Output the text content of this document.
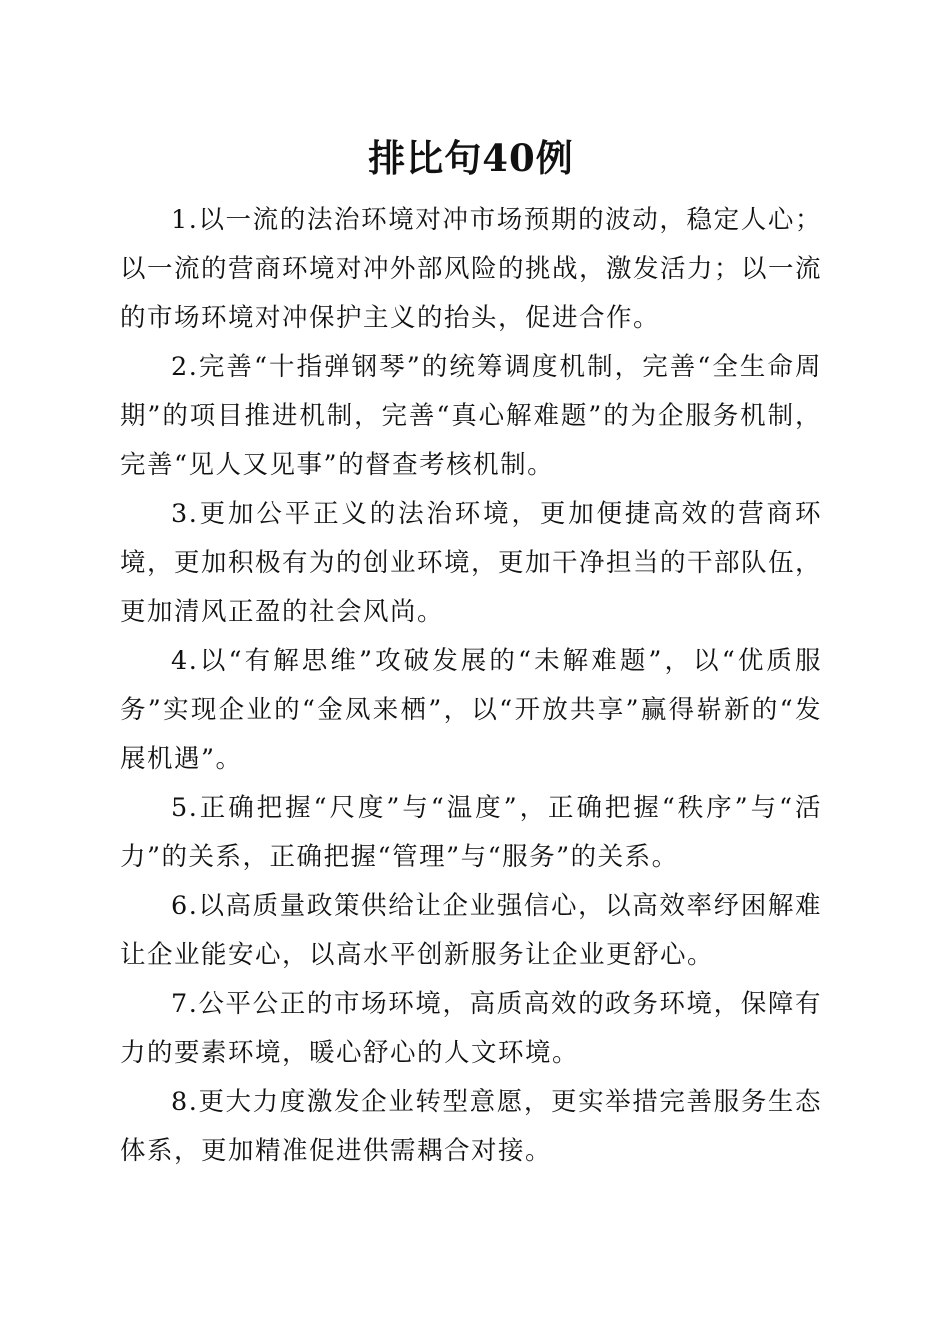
排比句40例

1.以一流的法治环境对冲市场预期的波动，稳定人心；以一流的营商环境对冲外部风险的挑战，激发活力；以一流的市场环境对冲保护主义的抬头，促进合作。

2.完善“十指弹钢琴”的统筹调度机制，完善“全生命周期”的项目推进机制，完善“真心解难题”的为企服务机制，完善“见人又见事”的督查考核机制。

3.更加公平正义的法治环境，更加便捷高效的营商环境，更加积极有为的创业环境，更加干净担当的干部队伍，更加清风正盈的社会风尚。

4.以“有解思维”攻破发展的“未解难题”，以“优质服务”实现企业的“金凤来栖”，以“开放共享”赢得崭新的“发展机遇”。

5.正确把握“尺度”与“温度”，正确把握“秩序”与“活力”的关系，正确把握“管理”与“服务”的关系。

6.以高质量政策供给让企业强信心，以高效率纾困解难让企业能安心，以高水平创新服务让企业更舒心。

7.公平公正的市场环境，高质高效的政务环境，保障有力的要素环境，暖心舒心的人文环境。

8.更大力度激发企业转型意愿，更实举措完善服务生态体系，更加精准促进供需耦合对接。
